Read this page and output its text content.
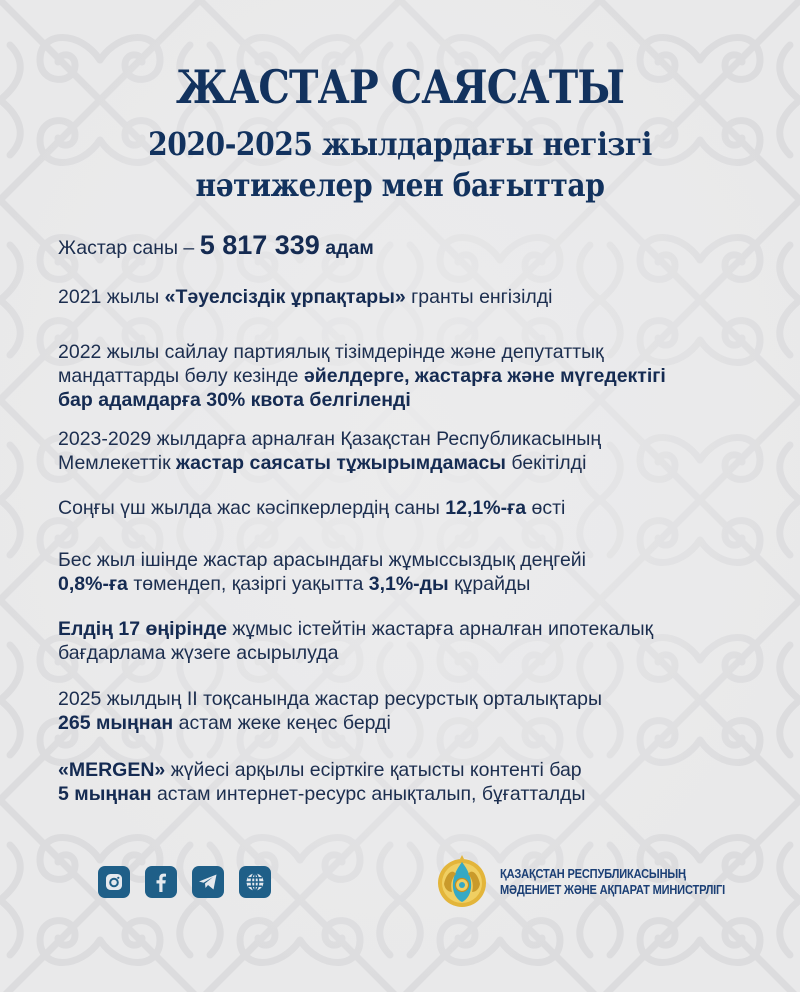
ЖАСТАР САЯСАТЫ
2020-2025 жылдардағы негізгі
нәтижелер мен бағыттар
Жастар саны – 5 817 339 адам
2021 жылы «Тәуелсіздік ұрпақтары» гранты енгізілді
2022 жылы сайлау партиялық тізімдерінде және депутаттық
мандаттарды бөлу кезінде әйелдерге, жастарға және мүгедектігі
бар адамдарға 30% квота белгіленді
2023-2029 жылдарға арналған Қазақстан Республикасының
Мемлекеттік жастар саясаты тұжырымдамасы бекітілді
Соңғы үш жылда жас кәсіпкерлердің саны 12,1%-ға өсті
Бес жыл ішінде жастар арасындағы жұмыссыздық деңгейі
0,8%-ға төмендеп, қазіргі уақытта 3,1%-ды құрайды
Елдің 17 өңірінде жұмыс істейтін жастарға арналған ипотекалық
бағдарлама жүзеге асырылуда
2025 жылдың II тоқсанында жастар ресурстық орталықтары
265 мыңнан астам жеке кеңес берді
«MERGEN» жүйесі арқылы есірткіге қатысты контенті бар
5 мыңнан астам интернет-ресурс анықталып, бұғатталды
ҚАЗАҚСТАН РЕСПУБЛИКАСЫНЫҢ
МӘДЕНИЕТ ЖӘНЕ АҚПАРАТ МИНИСТРЛІГІ
